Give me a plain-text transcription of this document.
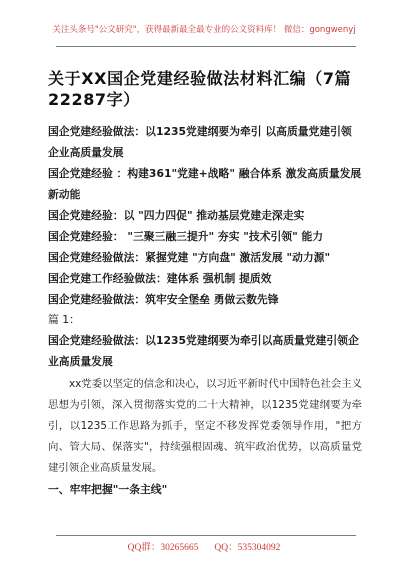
关注头条号"公文研究"，获得最新最全最专业的公文资料库！ 微信：gongwenyj
关于XX国企党建经验做法材料汇编（7篇22287字）
国企党建经验做法：以1235党建纲要为牵引 以高质量党建引领企业高质量发展
国企党建经验 ：构建361"党建+战略" 融合体系 激发高质量发展新动能
国企党建经验：以 "四力四促" 推动基层党建走深走实
国企党建经验： "三聚三融三提升" 夯实 "技术引领" 能力
国企党建经验做法：紧握党建 "方向盘" 激活发展 "动力源"
国企党建工作经验做法：建体系 强机制 提质效
国企党建经验做法：筑牢安全堡垒 勇做云数先锋
篇 1：
国企党建经验做法：以1235党建纲要为牵引以高质量党建引领企业高质量发展

xx党委以坚定的信念和决心，以习近平新时代中国特色社会主义思想为引领，深入贯彻落实党的二十大精神，以1235党建纲要为牵引，以1235工作思路为抓手，坚定不移发挥党委领导作用，"把方向、管大局、保落实"，持续强根固魂、筑牢政治优势，以高质量党建引领企业高质量发展。

一、牢牢把握"一条主线"
QQ群：30265665 QQ：535304092
